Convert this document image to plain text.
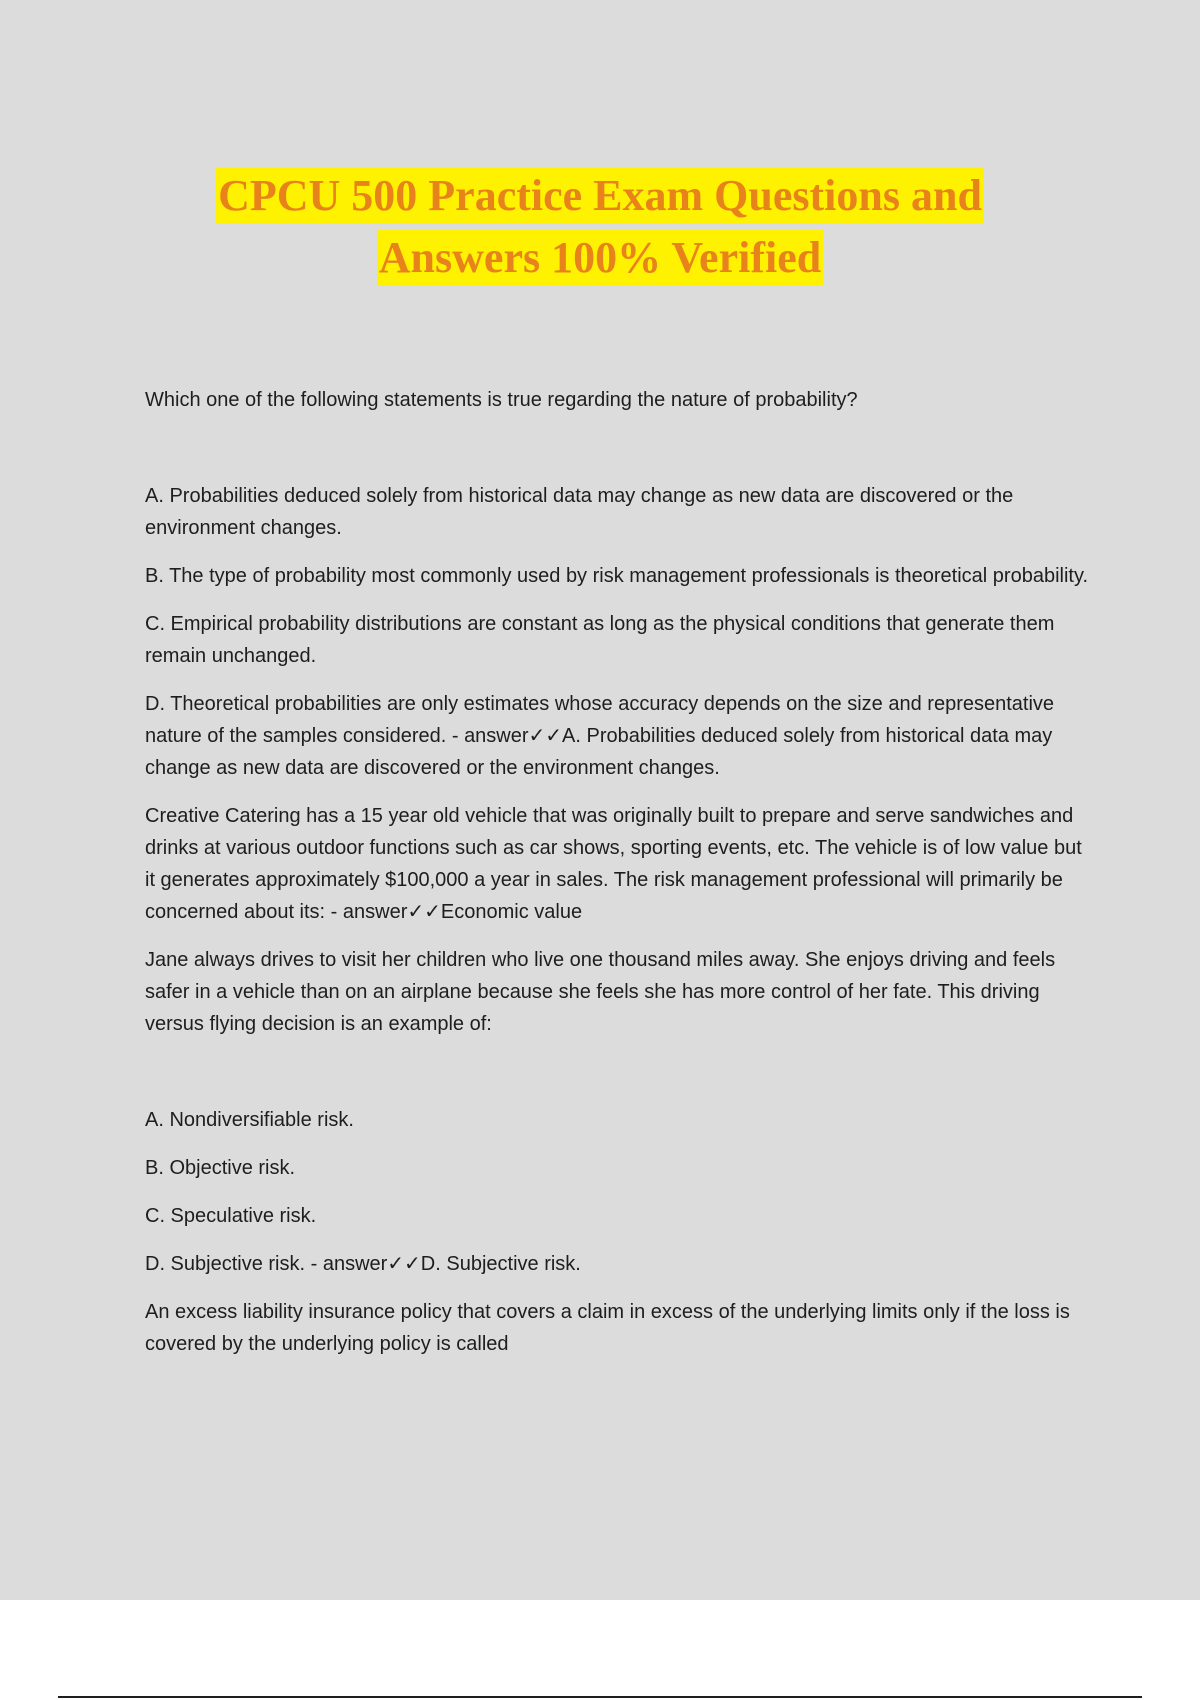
CPCU 500 Practice Exam Questions and
Answers 100% Verified

Which one of the following statements is true regarding the nature of probability?

A. Probabilities deduced solely from historical data may change as new data are discovered or the environment changes.

B. The type of probability most commonly used by risk management professionals is theoretical probability.

C. Empirical probability distributions are constant as long as the physical conditions that generate them remain unchanged.

D. Theoretical probabilities are only estimates whose accuracy depends on the size and representative nature of the samples considered. - answer✓✓A. Probabilities deduced solely from historical data may change as new data are discovered or the environment changes.

Creative Catering has a 15 year old vehicle that was originally built to prepare and serve sandwiches and drinks at various outdoor functions such as car shows, sporting events, etc. The vehicle is of low value but it generates approximately $100,000 a year in sales. The risk management professional will primarily be concerned about its: - answer✓✓Economic value

Jane always drives to visit her children who live one thousand miles away. She enjoys driving and feels safer in a vehicle than on an airplane because she feels she has more control of her fate. This driving versus flying decision is an example of:

A. Nondiversifiable risk.

B. Objective risk.

C. Speculative risk.

D. Subjective risk. - answer✓✓D. Subjective risk.

An excess liability insurance policy that covers a claim in excess of the underlying limits only if the loss is covered by the underlying policy is called
